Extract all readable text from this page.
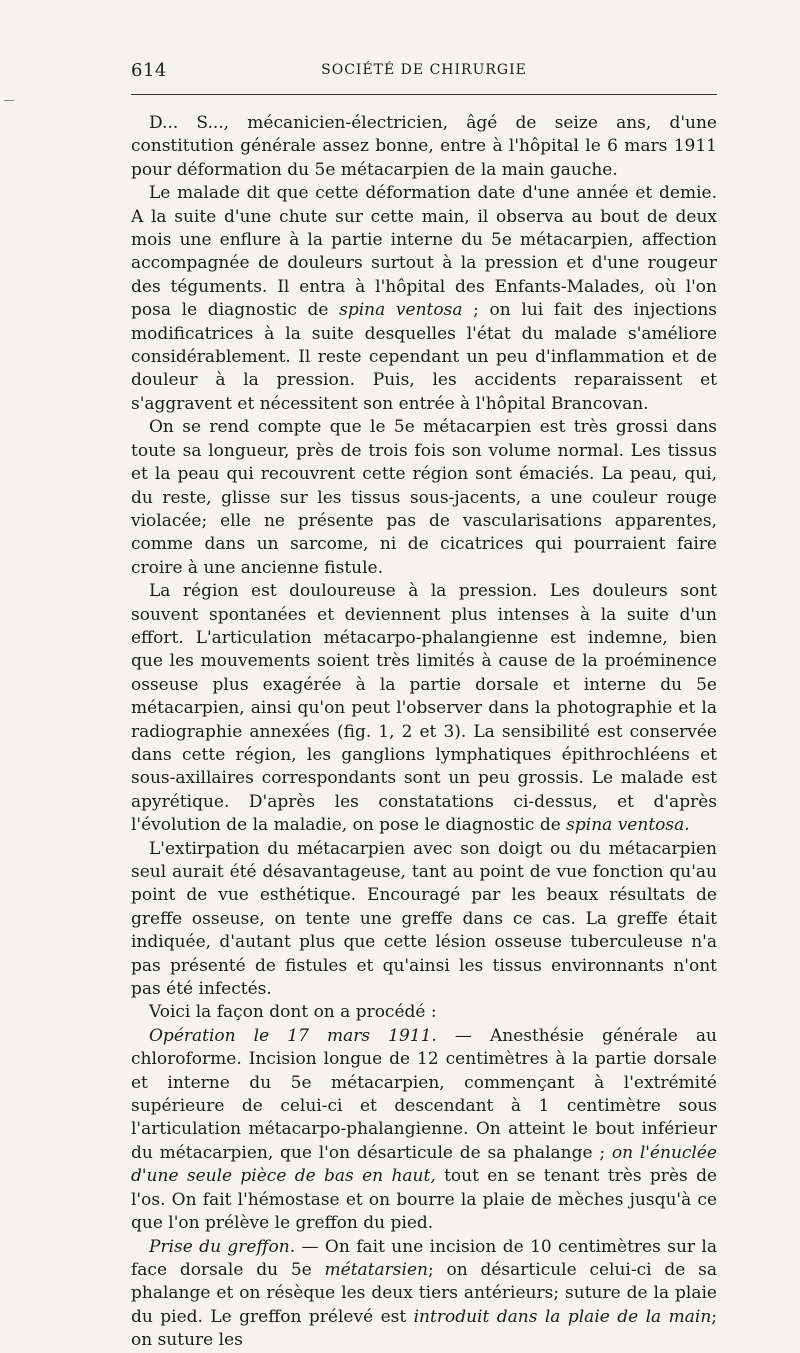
614	SOCIÉTÉ DE CHIRURGIE

D... S..., mécanicien-électricien, âgé de seize ans, d'une constitution générale assez bonne, entre à l'hôpital le 6 mars 1911 pour déformation du 5e métacarpien de la main gauche.

Le malade dit que cette déformation date d'une année et demie. A la suite d'une chute sur cette main, il observa au bout de deux mois une enflure à la partie interne du 5e métacarpien, affection accompagnée de douleurs surtout à la pression et d'une rougeur des téguments. Il entra à l'hôpital des Enfants-Malades, où l'on posa le diagnostic de spina ventosa ; on lui fait des injections modificatrices à la suite desquelles l'état du malade s'améliore considérablement. Il reste cependant un peu d'inflammation et de douleur à la pression. Puis, les accidents reparaissent et s'aggravent et nécessitent son entrée à l'hôpital Brancovan.

On se rend compte que le 5e métacarpien est très grossi dans toute sa longueur, près de trois fois son volume normal. Les tissus et la peau qui recouvrent cette région sont émaciés. La peau, qui, du reste, glisse sur les tissus sous-jacents, a une couleur rouge violacée; elle ne présente pas de vascularisations apparentes, comme dans un sarcome, ni de cicatrices qui pourraient faire croire à une ancienne fistule.

La région est douloureuse à la pression. Les douleurs sont souvent spontanées et deviennent plus intenses à la suite d'un effort. L'articulation métacarpo-phalangienne est indemne, bien que les mouvements soient très limités à cause de la proéminence osseuse plus exagérée à la partie dorsale et interne du 5e métacarpien, ainsi qu'on peut l'observer dans la photographie et la radiographie annexées (fig. 1, 2 et 3). La sensibilité est conservée dans cette région, les ganglions lymphatiques épithrochléens et sous-axillaires correspondants sont un peu grossis. Le malade est apyrétique. D'après les constatations ci-dessus, et d'après l'évolution de la maladie, on pose le diagnostic de spina ventosa.

L'extirpation du métacarpien avec son doigt ou du métacarpien seul aurait été désavantageuse, tant au point de vue fonction qu'au point de vue esthétique. Encouragé par les beaux résultats de greffe osseuse, on tente une greffe dans ce cas. La greffe était indiquée, d'autant plus que cette lésion osseuse tuberculeuse n'a pas présenté de fistules et qu'ainsi les tissus environnants n'ont pas été infectés.

Voici la façon dont on a procédé :

Opération le 17 mars 1911. — Anesthésie générale au chloroforme. Incision longue de 12 centimètres à la partie dorsale et interne du 5e métacarpien, commençant à l'extrémité supérieure de celui-ci et descendant à 1 centimètre sous l'articulation métacarpo-phalangienne. On atteint le bout inférieur du métacarpien, que l'on désarticule de sa phalange ; on l'énuclée d'une seule pièce de bas en haut, tout en se tenant très près de l'os. On fait l'hémostase et on bourre la plaie de mèches jusqu'à ce que l'on prélève le greffon du pied.

Prise du greffon. — On fait une incision de 10 centimètres sur la face dorsale du 5e métatarsien; on désarticule celui-ci de sa phalange et on résèque les deux tiers antérieurs; suture de la plaie du pied. Le greffon prélevé est introduit dans la plaie de la main; on suture les
